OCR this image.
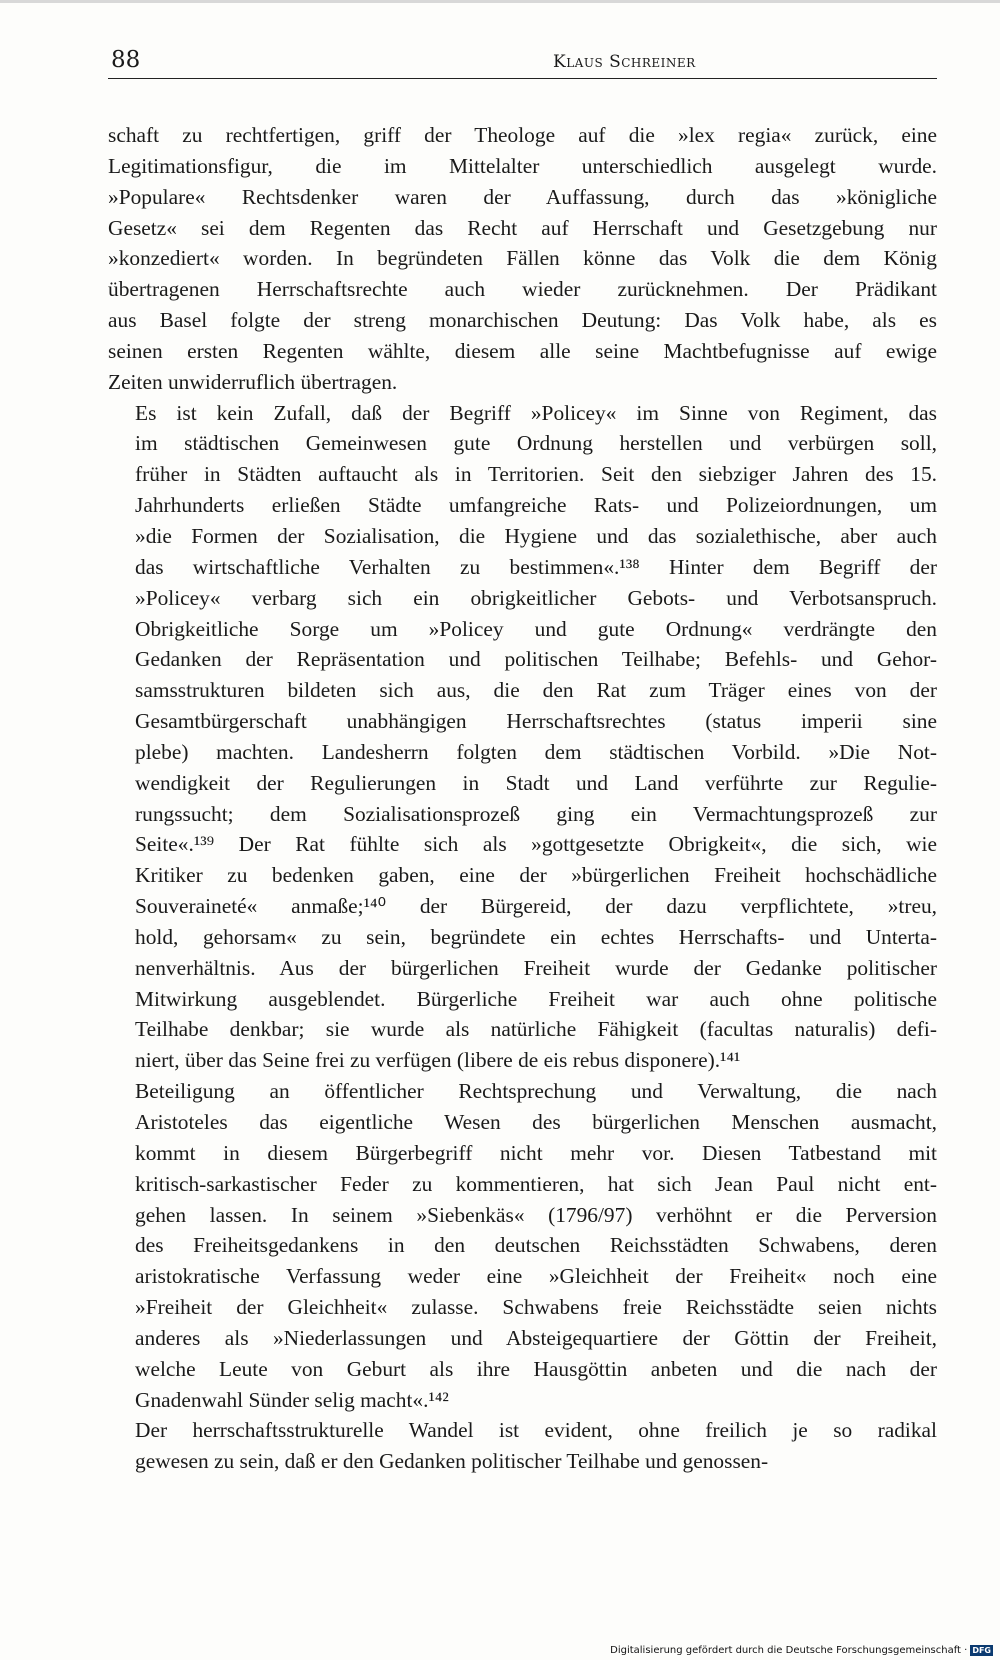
88	Klaus Schreiner
schaft zu rechtfertigen, griff der Theologe auf die »lex regia« zurück, eine
Legitimationsfigur, die im Mittelalter unterschiedlich ausgelegt wurde.
»Populare« Rechtsdenker waren der Auffassung, durch das »königliche
Gesetz« sei dem Regenten das Recht auf Herrschaft und Gesetzgebung nur
»konzediert« worden. In begründeten Fällen könne das Volk die dem König
übertragenen Herrschaftsrechte auch wieder zurücknehmen. Der Prädikant
aus Basel folgte der streng monarchischen Deutung: Das Volk habe, als es
seinen ersten Regenten wählte, diesem alle seine Machtbefugnisse auf ewige
Zeiten unwiderruflich übertragen.
Es ist kein Zufall, daß der Begriff »Policey« im Sinne von Regiment, das
im städtischen Gemeinwesen gute Ordnung herstellen und verbürgen soll,
früher in Städten auftaucht als in Territorien. Seit den siebziger Jahren des 15.
Jahrhunderts erließen Städte umfangreiche Rats- und Polizeiordnungen, um
»die Formen der Sozialisation, die Hygiene und das sozialethische, aber auch
das wirtschaftliche Verhalten zu bestimmen«.¹³⁸ Hinter dem Begriff der
»Policey« verbarg sich ein obrigkeitlicher Gebots- und Verbotsanspruch.
Obrigkeitliche Sorge um »Policey und gute Ordnung« verdrängte den
Gedanken der Repräsentation und politischen Teilhabe; Befehls- und Gehor-
samsstrukturen bildeten sich aus, die den Rat zum Träger eines von der
Gesamtbürgerschaft unabhängigen Herrschaftsrechtes (status imperii sine
plebe) machten. Landesherrn folgten dem städtischen Vorbild. »Die Not-
wendigkeit der Regulierungen in Stadt und Land verführte zur Regulie-
rungssucht; dem Sozialisationsprozeß ging ein Vermachtungsprozeß zur
Seite«.¹³⁹ Der Rat fühlte sich als »gottgesetzte Obrigkeit«, die sich, wie
Kritiker zu bedenken gaben, eine der »bürgerlichen Freiheit hochschädliche
Souveraineté« anmaße;¹⁴⁰ der Bürgereid, der dazu verpflichtete, »treu,
hold, gehorsam« zu sein, begründete ein echtes Herrschafts- und Unterta-
nenverhältnis. Aus der bürgerlichen Freiheit wurde der Gedanke politischer
Mitwirkung ausgeblendet. Bürgerliche Freiheit war auch ohne politische
Teilhabe denkbar; sie wurde als natürliche Fähigkeit (facultas naturalis) defi-
niert, über das Seine frei zu verfügen (libere de eis rebus disponere).¹⁴¹
Beteiligung an öffentlicher Rechtsprechung und Verwaltung, die nach
Aristoteles das eigentliche Wesen des bürgerlichen Menschen ausmacht,
kommt in diesem Bürgerbegriff nicht mehr vor. Diesen Tatbestand mit
kritisch-sarkastischer Feder zu kommentieren, hat sich Jean Paul nicht ent-
gehen lassen. In seinem »Siebenkäs« (1796/97) verhöhnt er die Perversion
des Freiheitsgedankens in den deutschen Reichsstädten Schwabens, deren
aristokratische Verfassung weder eine »Gleichheit der Freiheit« noch eine
»Freiheit der Gleichheit« zulasse. Schwabens freie Reichsstädte seien nichts
anderes als »Niederlassungen und Absteigequartiere der Göttin der Freiheit,
welche Leute von Geburt als ihre Hausgöttin anbeten und die nach der
Gnadenwahl Sünder selig macht«.¹⁴²
Der herrschaftsstrukturelle Wandel ist evident, ohne freilich je so radikal
gewesen zu sein, daß er den Gedanken politischer Teilhabe und genossen-
Digitalisierung gefördert durch die Deutsche Forschungsgemeinschaft · DFG
